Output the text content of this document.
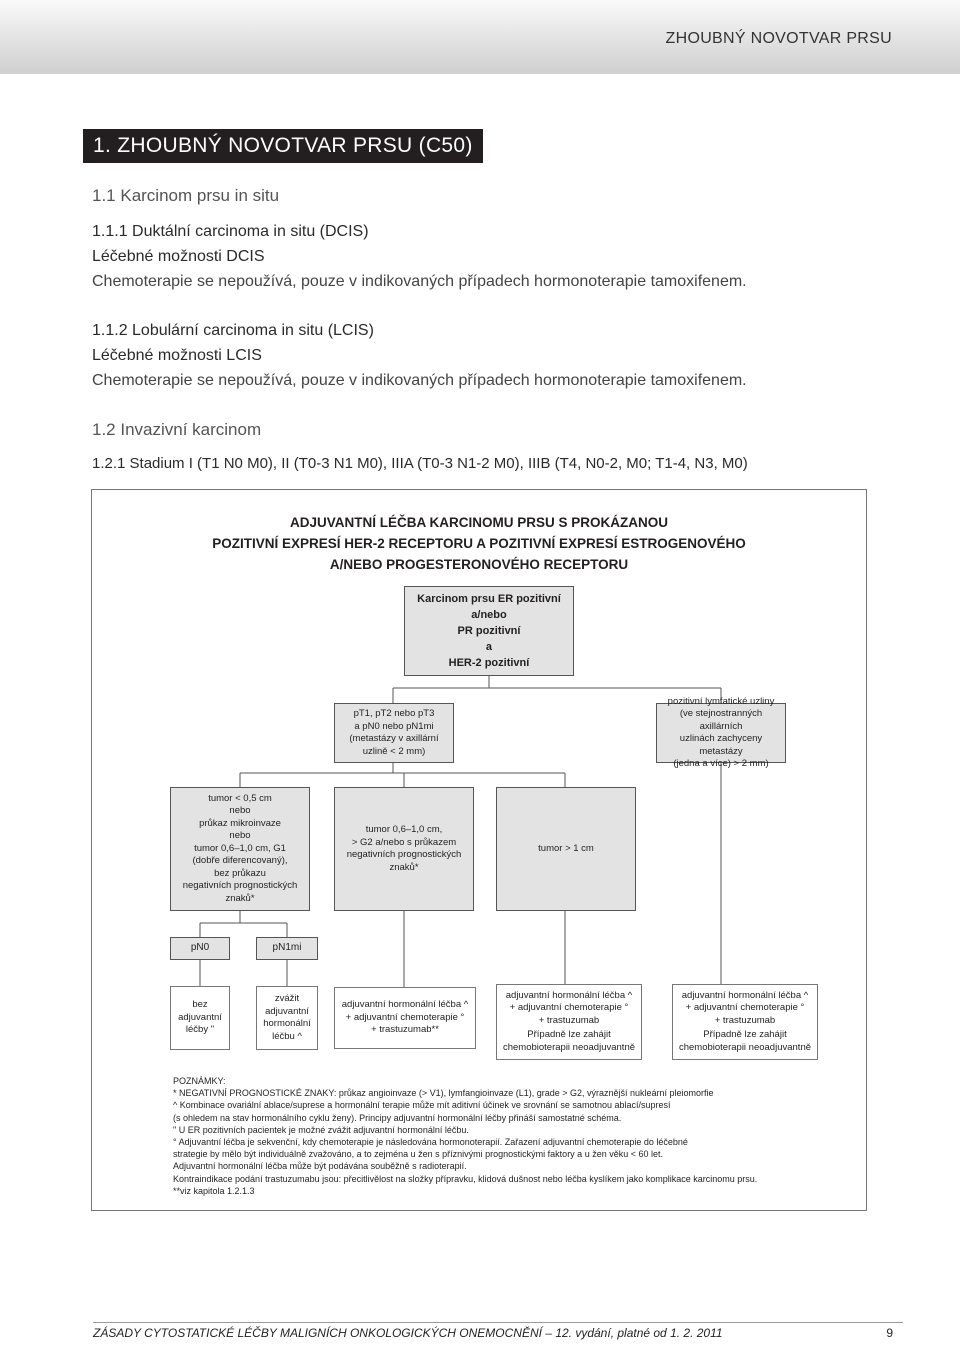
ZHOUBNÝ NOVOTVAR PRSU
1. ZHOUBNÝ NOVOTVAR PRSU (C50)
1.1 Karcinom prsu in situ
1.1.1 Duktální carcinoma in situ (DCIS)
Léčebné možnosti DCIS
Chemoterapie se nepoužívá, pouze v indikovaných případech hormonoterapie tamoxifenem.
1.1.2 Lobulární carcinoma in situ (LCIS)
Léčebné možnosti LCIS
Chemoterapie se nepoužívá, pouze v indikovaných případech hormonoterapie tamoxifenem.
1.2 Invazivní karcinom
1.2.1 Stadium I (T1 N0 M0), II (T0-3 N1 M0), IIIA (T0-3 N1-2 M0), IIIB (T4, N0-2, M0; T1-4, N3, M0)
ADJUVANTNÍ LÉČBA KARCINOMU PRSU S PROKÁZANOU
POZITIVNÍ EXPRESÍ HER-2 RECEPTORU A POZITIVNÍ EXPRESÍ ESTROGENOVÉHO
A/NEBO PROGESTERONOVÉHO RECEPTORU
Karcinom prsu ER pozitivní
a/nebo
PR pozitivní
a
HER-2 pozitivní
pT1, pT2 nebo pT3
a pN0 nebo pN1mi
(metastázy v axillární
uzlině < 2 mm)
pozitivní lymfatické uzliny
(ve stejnostranných axillárních
uzlinách zachyceny metastázy
(jedna a více) > 2 mm)
tumor < 0,5 cm
nebo
průkaz mikroinvaze
nebo
tumor 0,6–1,0 cm, G1
(dobře diferencovaný),
bez průkazu
negativních prognostických
znaků*
tumor 0,6–1,0 cm,
> G2 a/nebo s průkazem
negativních prognostických
znaků*
tumor > 1 cm
pN0	pN1mi
bez
adjuvantní
léčby "
zvážit
adjuvantní
hormonální
léčbu ^
adjuvantní hormonální léčba ^
+ adjuvantní chemoterapie °
+ trastuzumab**
adjuvantní hormonální léčba ^
+ adjuvantní chemoterapie °
+ trastuzumab
Případně lze zahájit
chemobioterapii neoadjuvantně
adjuvantní hormonální léčba ^
+ adjuvantní chemoterapie °
+ trastuzumab
Případně lze zahájit
chemobioterapii neoadjuvantně
POZNÁMKY:
* NEGATIVNÍ PROGNOSTICKÉ ZNAKY: průkaz angioinvaze (> V1), lymfangioinvaze (L1), grade > G2, výraznější nukleární pleiomorfie
^ Kombinace ovariální ablace/suprese a hormonální terapie může mít aditivní účinek ve srovnání se samotnou ablací/supresí
(s ohledem na stav hormonálního cyklu ženy). Principy adjuvantní hormonální léčby přináší samostatné schéma.
" U ER pozitivních pacientek je možné zvážit adjuvantní hormonální léčbu.
° Adjuvantní léčba je sekvenční, kdy chemoterapie je následována hormonoterapií. Zařazení adjuvantní chemoterapie do léčebné
strategie by mělo být individuálně zvažováno, a to zejména u žen s příznivými prognostickými faktory a u žen věku < 60 let.
Adjuvantní hormonální léčba může být podávána souběžně s radioterapií.
Kontraindikace podání trastuzumabu jsou: přecitlivělost na složky přípravku, klidová dušnost nebo léčba kyslíkem jako komplikace karcinomu prsu.
**viz kapitola 1.2.1.3
ZÁSADY CYTOSTATICKÉ LÉČBY MALIGNÍCH ONKOLOGICKÝCH ONEMOCNĚNÍ – 12. vydání, platné od 1. 2. 2011	9
